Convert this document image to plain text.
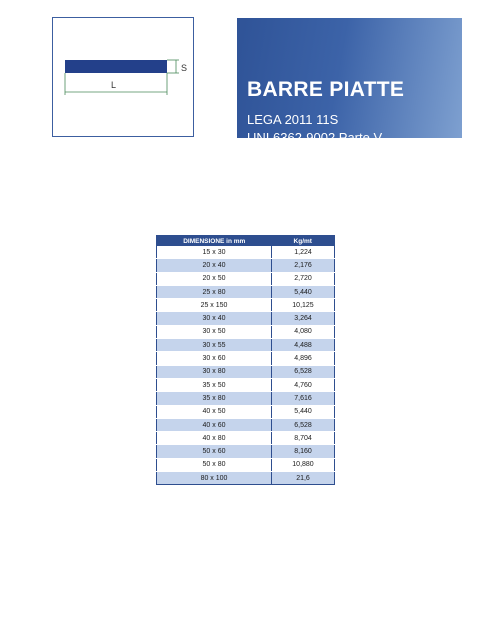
S
L	BARRE PIATTE
LEGA 2011 11S
UNI 6362-9002 Parte V
DIMENSIONE in mm	Kg/mt
15 x 30	1,224
20 x 40	2,176
20 x 50	2,720
25 x 80	5,440
25 x 150	10,125
30 x 40	3,264
30 x 50	4,080
30 x 55	4,488
30 x 60	4,896
30 x 80	6,528
35 x 50	4,760
35 x 80	7,616
40 x 50	5,440
40 x 60	6,528
40 x 80	8,704
50 x 60	8,160
50 x 80	10,880
80 x 100	21,6
